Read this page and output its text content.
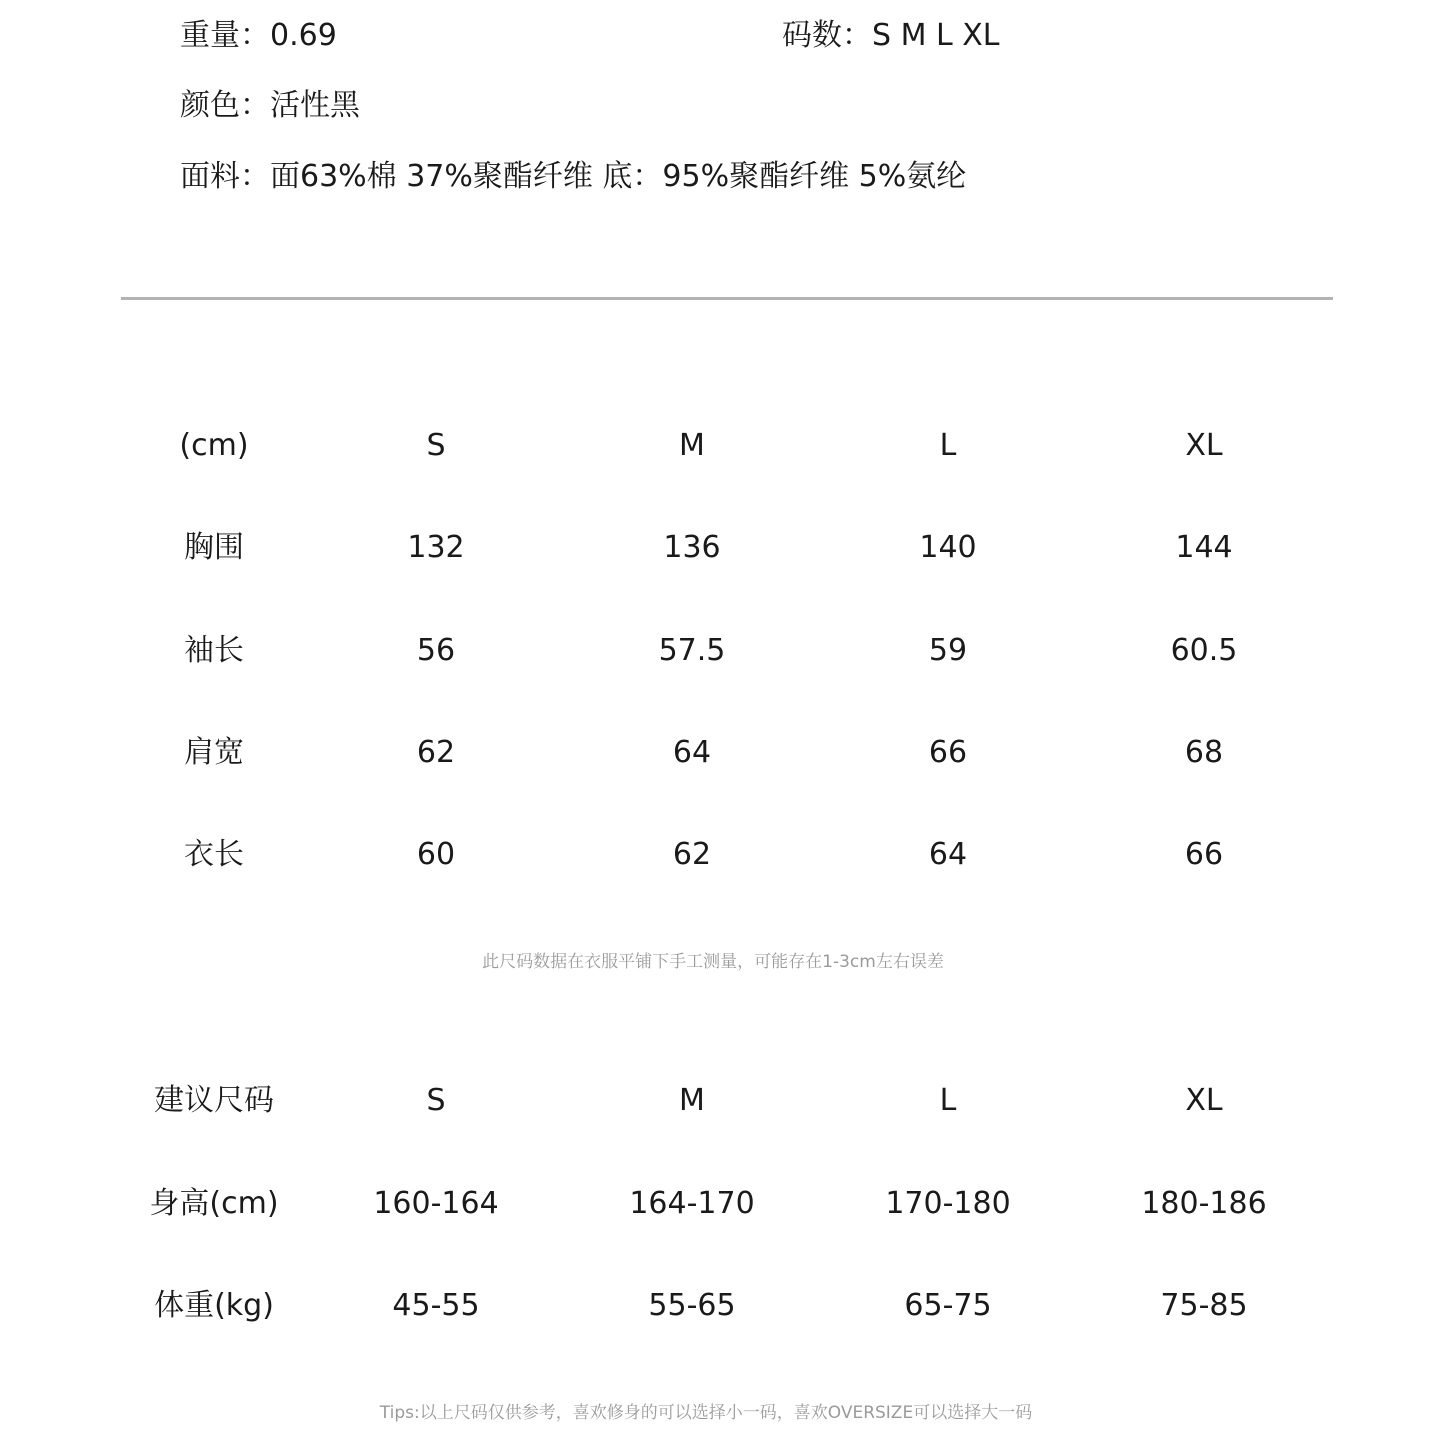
重量：0.69	码数：S M L XL
颜色：活性黑
面料：面63%棉 37%聚酯纤维 底：95%聚酯纤维 5%氨纶
(cm)	S	M	L	XL
胸围	132	136	140	144
袖长	56	57.5	59	60.5
肩宽	62	64	66	68
衣长	60	62	64	66
此尺码数据在衣服平铺下手工测量，可能存在1-3cm左右误差
建议尺码	S	M	L	XL
身高(cm)	160-164	164-170	170-180	180-186
体重(kg)	45-55	55-65	65-75	75-85
Tips:以上尺码仅供参考，喜欢修身的可以选择小一码，喜欢OVERSIZE可以选择大一码
